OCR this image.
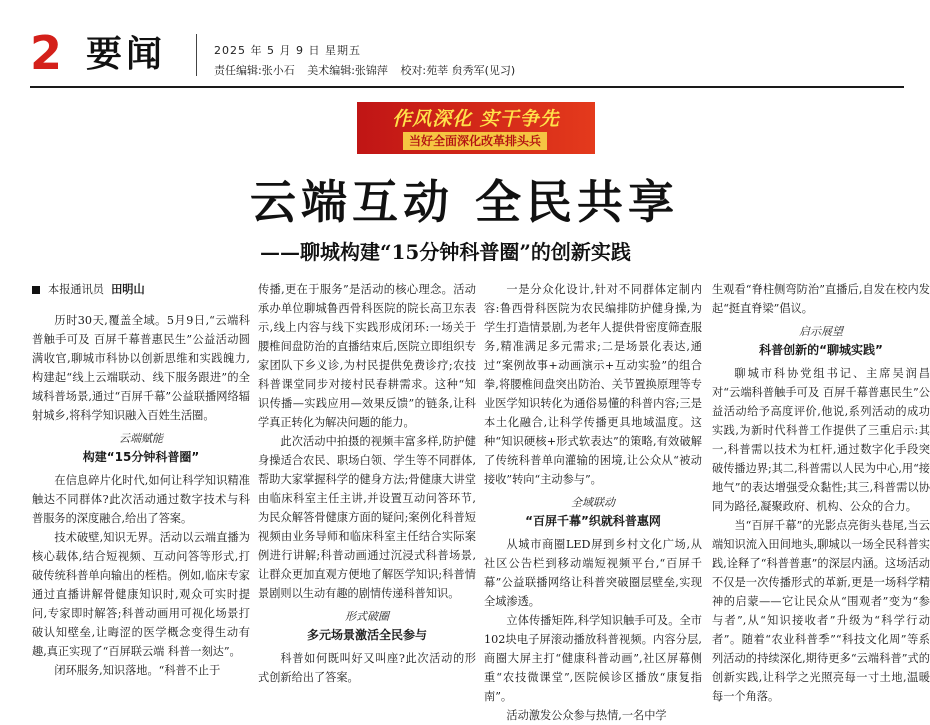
2 要闻	2025 年 5 月 9 日 星期五
责任编辑:张小石 美术编辑:张锦萍 校对:苑莘 贠秀军(见习)
作风深化 实干争先
当好全面深化改革排头兵
云端互动 全民共享
——聊城构建“15分钟科普圈”的创新实践

本报通讯员 田明山

历时30天,覆盖全域。5月9日,“云端科普触手可及 百屏千幕普惠民生”公益活动圆满收官,聊城市科协以创新思维和实践魄力,构建起“线上云端联动、线下服务跟进”的全域科普场景,通过“百屏千幕”公益联播网络辐射城乡,将科学知识融入百姓生活圈。

云端赋能

构建“15分钟科普圈”

在信息碎片化时代,如何让科学知识精准触达不同群体?此次活动通过数字技术与科普服务的深度融合,给出了答案。

技术破壁,知识无界。活动以云端直播为核心载体,结合短视频、互动问答等形式,打破传统科普单向输出的桎梏。例如,临床专家通过直播讲解骨健康知识时,观众可实时提问,专家即时解答;科普动画用可视化场景打破认知壁垒,让晦涩的医学概念变得生动有趣,真正实现了“百屏联云端 科普一刻达”。

闭环服务,知识落地。“科普不止于

传播,更在于服务”是活动的核心理念。活动承办单位聊城鲁西骨科医院的院长高卫东表示,线上内容与线下实践形成闭环:一场关于腰椎间盘防治的直播结束后,医院立即组织专家团队下乡义诊,为村民提供免费诊疗;农技科普课堂同步对接村民春耕需求。这种“知识传播—实践应用—效果反馈”的链条,让科学真正转化为解决问题的能力。

此次活动中拍摄的视频丰富多样,防护健身操适合农民、职场白领、学生等不同群体,帮助大家掌握科学的健身方法;骨健康大讲堂由临床科室主任主讲,并设置互动问答环节,为民众解答骨健康方面的疑问;案例化科普短视频由业务导师和临床科室主任结合实际案例进行讲解;科普动画通过沉浸式科普场景,让群众更加直观方便地了解医学知识;科普情景剧则以生动有趣的剧情传递科普知识。

形式破圈

多元场景激活全民参与

科普如何既叫好又叫座?此次活动的形式创新给出了答案。

一是分众化设计,针对不同群体定制内容:鲁西骨科医院为农民编排防护健身操,为学生打造情景剧,为老年人提供骨密度筛查服务,精准满足多元需求;二是场景化表达,通过“案例故事+动画演示+互动实验”的组合拳,将腰椎间盘突出防治、关节置换原理等专业医学知识转化为通俗易懂的科普内容;三是本土化融合,让科学传播更具地域温度。这种“知识硬核+形式软表达”的策略,有效破解了传统科普单向灌输的困境,让公众从“被动接收”转向“主动参与”。

全域联动

“百屏千幕”织就科普惠网

从城市商圈LED屏到乡村文化广场,从社区公告栏到移动端短视频平台,“百屏千幕”公益联播网络让科普突破圈层壁垒,实现全域渗透。

立体传播矩阵,科学知识触手可及。全市102块电子屏滚动播放科普视频。内容分层,商圈大屏主打“健康科普动画”,社区屏幕侧重“农技微课堂”,医院候诊区播放“康复指南”。

活动激发公众参与热情,一名中学

生观看“脊柱侧弯防治”直播后,自发在校内发起“挺直脊梁”倡议。

启示展望

科普创新的“聊城实践”

聊城市科协党组书记、主席吴润昌对“云端科普触手可及 百屏千幕普惠民生”公益活动给予高度评价,他说,系列活动的成功实践,为新时代科普工作提供了三重启示:其一,科普需以技术为杠杆,通过数字化手段突破传播边界;其二,科普需以人民为中心,用“接地气”的表达增强受众黏性;其三,科普需以协同为路径,凝聚政府、机构、公众的合力。

当“百屏千幕”的光影点亮街头巷尾,当云端知识流入田间地头,聊城以一场全民科普实践,诠释了“科普普惠”的深层内涵。这场活动不仅是一次传播形式的革新,更是一场科学精神的启蒙——它让民众从“围观者”变为“参与者”,从“知识接收者”升级为“科学行动者”。随着“农业科普季”“科技文化周”等系列活动的持续深化,期待更多“云端科普”式的创新实践,让科学之光照亮每一寸土地,温暖每一个角落。
